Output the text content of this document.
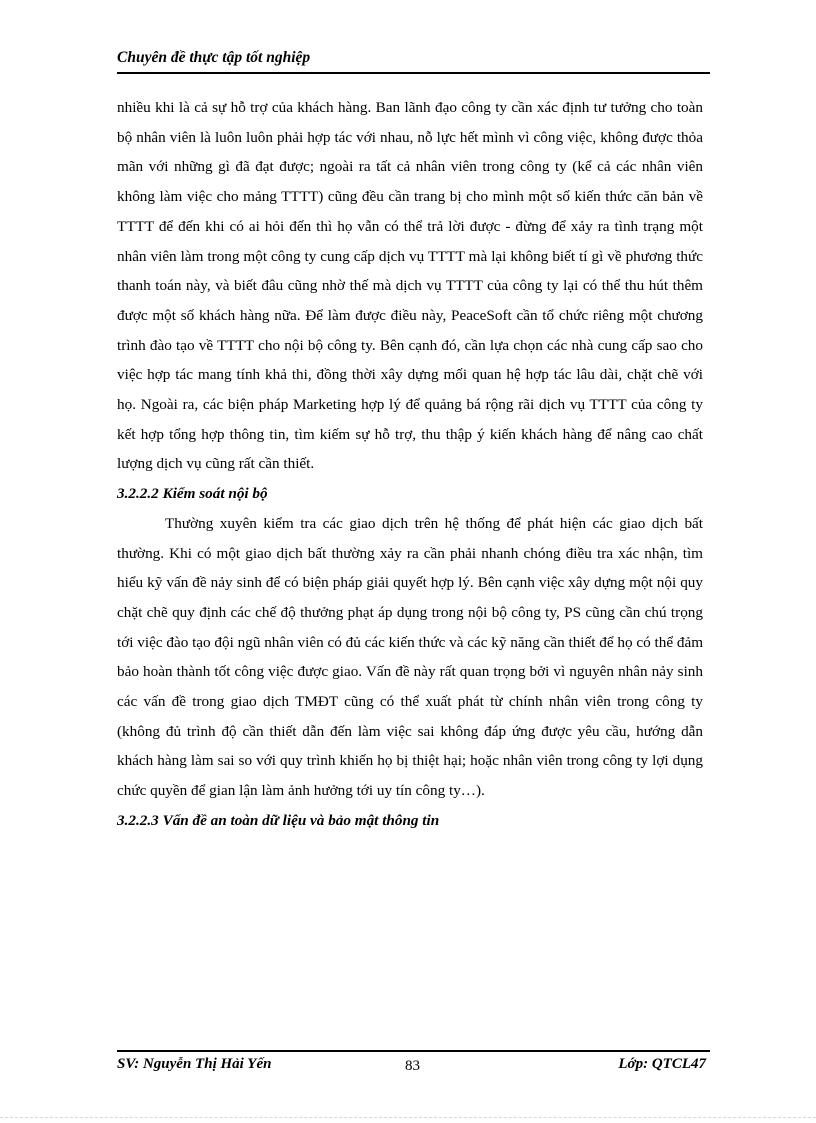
Chuyên đề thực tập tốt nghiệp

nhiều khi là cả sự hỗ trợ của khách hàng. Ban lãnh đạo công ty cần xác định tư tưởng cho toàn bộ nhân viên là luôn luôn phải hợp tác với nhau, nỗ lực hết mình vì công việc, không được thỏa mãn với những gì đã đạt được; ngoài ra tất cả nhân viên trong công ty (kể cả các nhân viên không làm việc cho mảng TTTT) cũng đều cần trang bị cho mình một số kiến thức căn bản về TTTT để đến khi có ai hỏi đến thì họ vẫn có thể trả lời được - đừng để xảy ra tình trạng một nhân viên làm trong một công ty cung cấp dịch vụ TTTT mà lại không biết tí gì về phương thức thanh toán này, và biết đâu cũng nhờ thế mà dịch vụ TTTT của công ty lại có thể thu hút thêm được một số khách hàng nữa. Để làm được điều này, PeaceSoft cần tổ chức riêng một chương trình đào tạo về TTTT cho nội bộ công ty. Bên cạnh đó, cần lựa chọn các nhà cung cấp sao cho việc hợp tác mang tính khả thi, đồng thời xây dựng mối quan hệ hợp tác lâu dài, chặt chẽ với họ. Ngoài ra, các biện pháp Marketing hợp lý để quảng bá rộng rãi dịch vụ TTTT của công ty kết hợp tổng hợp thông tin, tìm kiếm sự hỗ trợ, thu thập ý kiến khách hàng để nâng cao chất lượng dịch vụ cũng rất cần thiết.

3.2.2.2 Kiểm soát nội bộ

Thường xuyên kiểm tra các giao dịch trên hệ thống để phát hiện các giao dịch bất thường. Khi có một giao dịch bất thường xảy ra cần phải nhanh chóng điều tra xác nhận, tìm hiểu kỹ vấn đề nảy sinh để có biện pháp giải quyết hợp lý. Bên cạnh việc xây dựng một nội quy chặt chẽ quy định các chế độ thưởng phạt áp dụng trong nội bộ công ty, PS cũng cần chú trọng tới việc đào tạo đội ngũ nhân viên có đủ các kiến thức và các kỹ năng cần thiết để họ có thể đảm bảo hoàn thành tốt công việc được giao. Vấn đề này rất quan trọng bởi vì nguyên nhân nảy sinh các vấn đề trong giao dịch TMĐT cũng có thể xuất phát từ chính nhân viên trong công ty (không đủ trình độ cần thiết dẫn đến làm việc sai không đáp ứng được yêu cầu, hướng dẫn khách hàng làm sai so với quy trình khiến họ bị thiệt hại; hoặc nhân viên trong công ty lợi dụng chức quyền để gian lận làm ảnh hưởng tới uy tín công ty…).

3.2.2.3 Vấn đề an toàn dữ liệu và bảo mật thông tin

SV: Nguyễn Thị Hải Yến	83	Lớp: QTCL47
